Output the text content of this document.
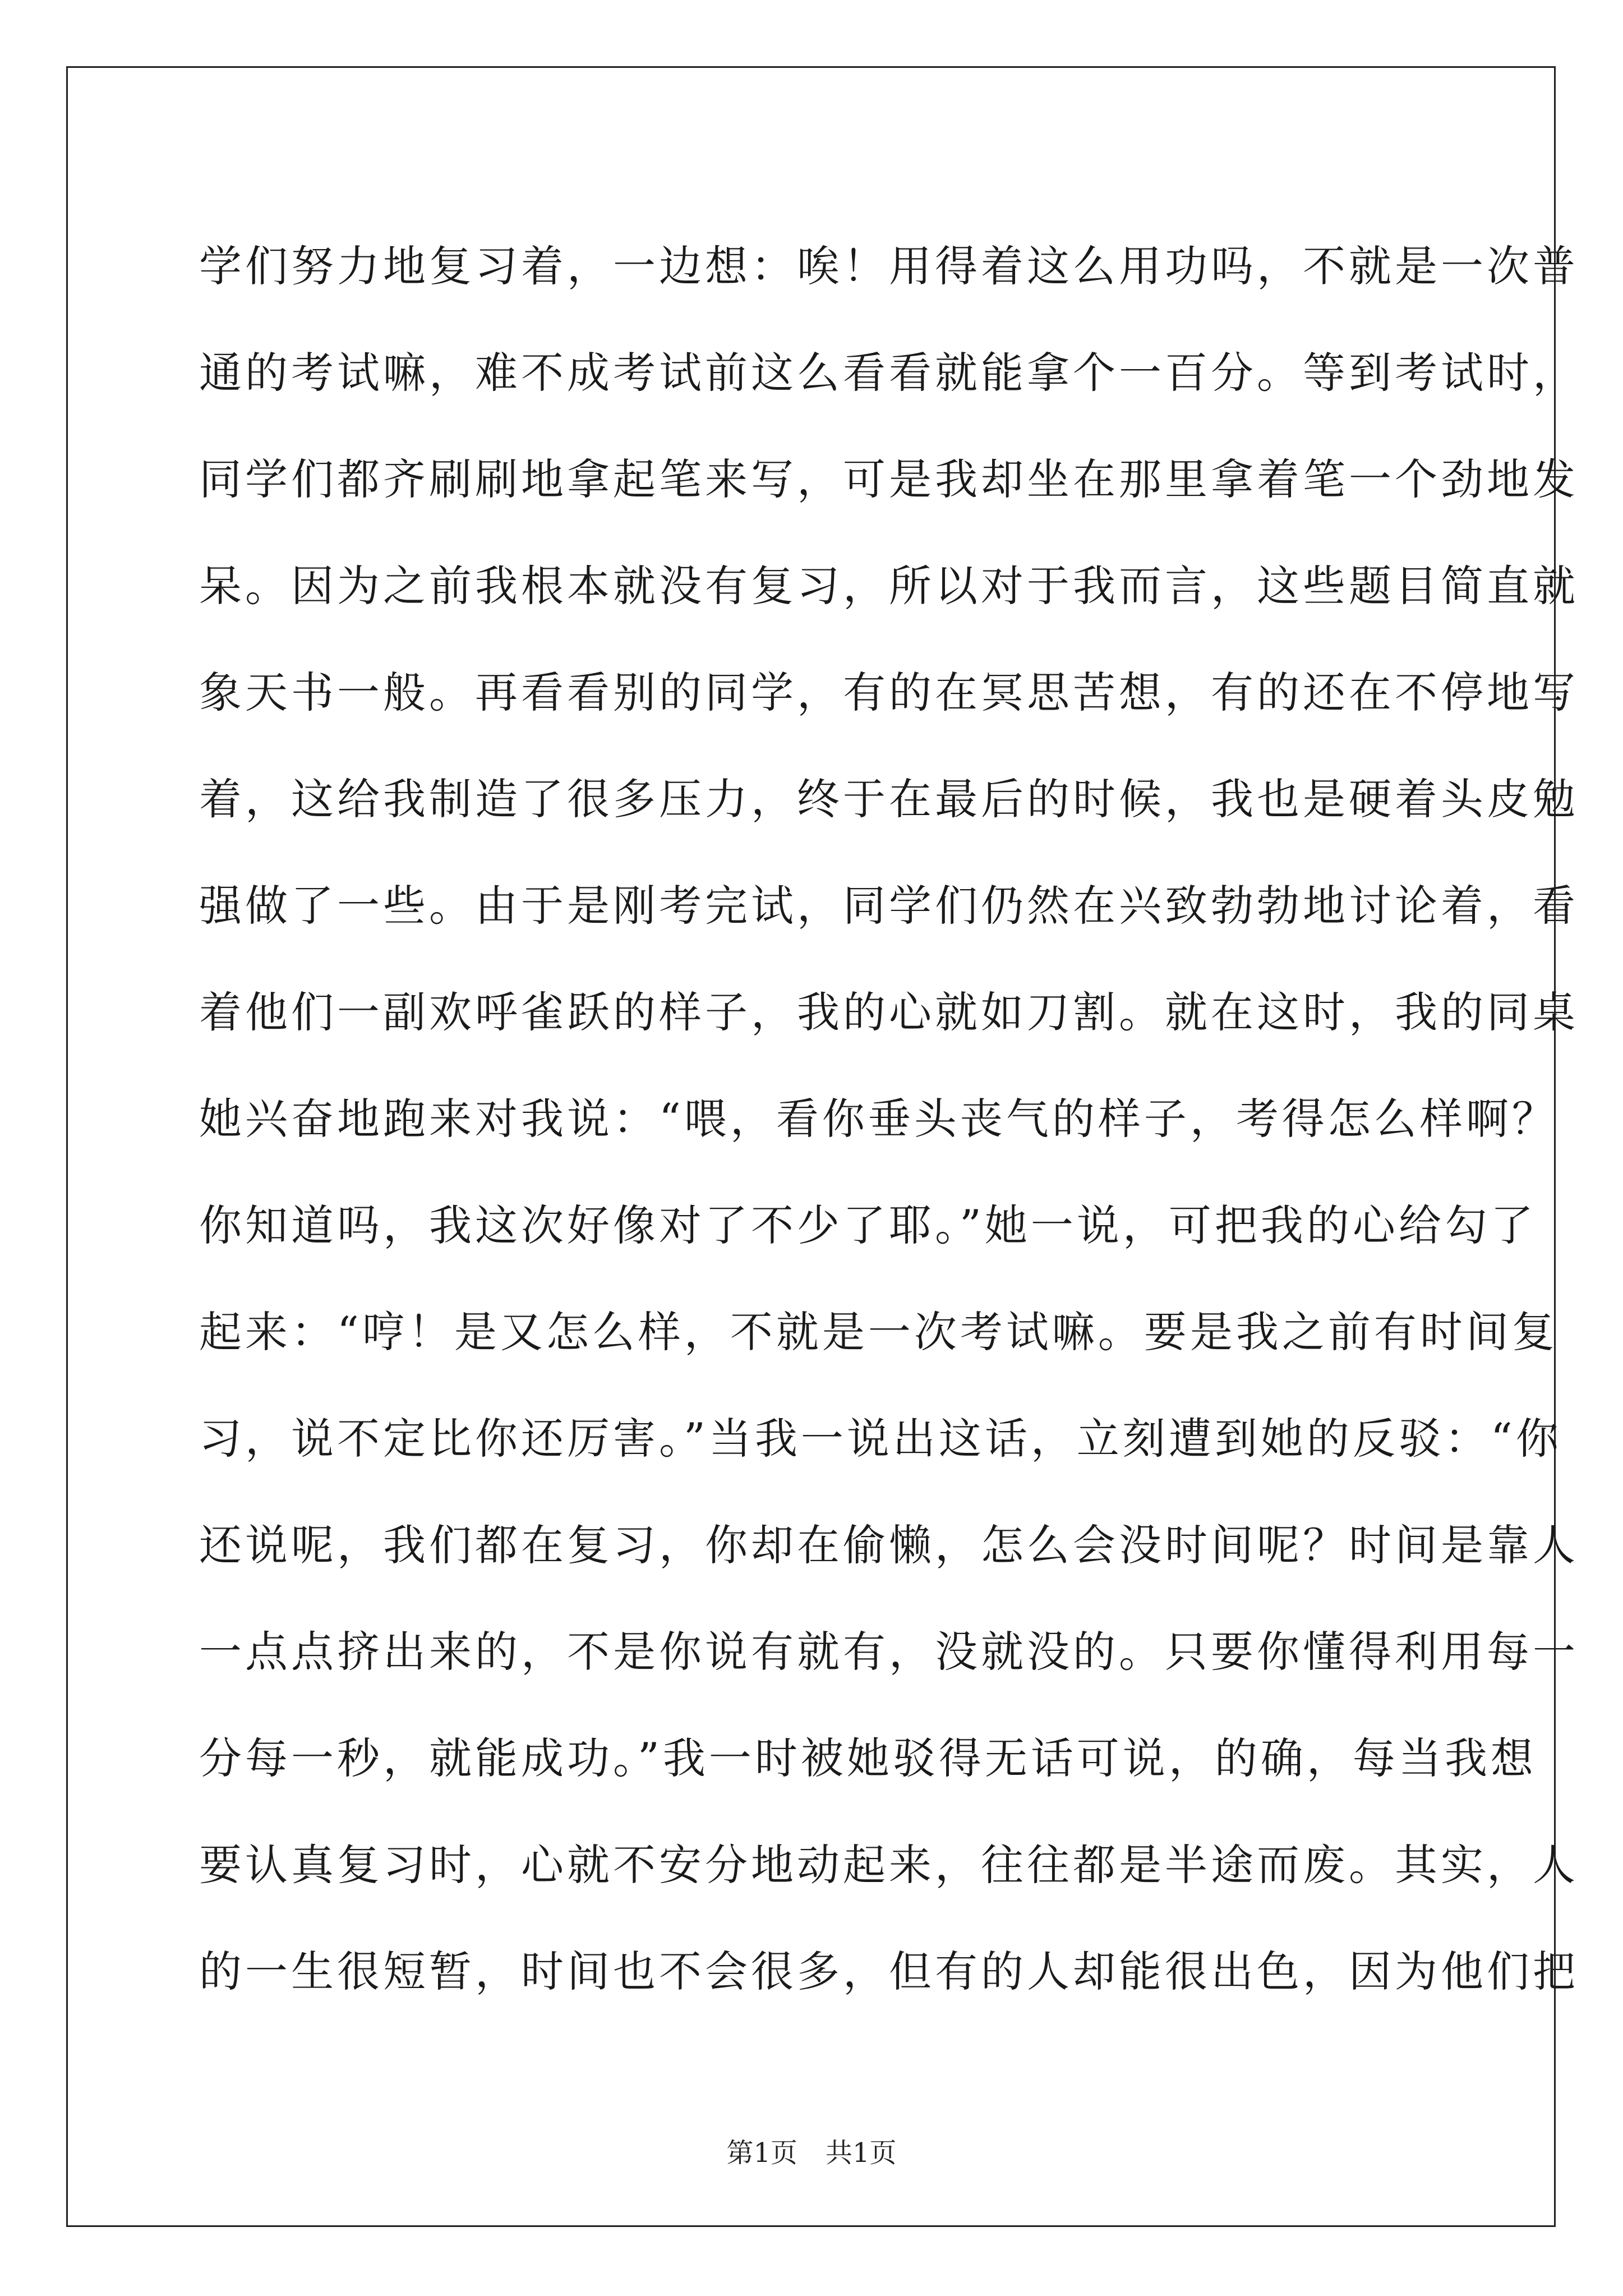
学们努力地复习着，一边想：唉！用得着这么用功吗，不就是一次普
通的考试嘛，难不成考试前这么看看就能拿个一百分。等到考试时，
同学们都齐刷刷地拿起笔来写，可是我却坐在那里拿着笔一个劲地发
呆。因为之前我根本就没有复习，所以对于我而言，这些题目简直就
象天书一般。再看看别的同学，有的在冥思苦想，有的还在不停地写
着，这给我制造了很多压力，终于在最后的时候，我也是硬着头皮勉
强做了一些。由于是刚考完试，同学们仍然在兴致勃勃地讨论着，看
着他们一副欢呼雀跃的样子，我的心就如刀割。就在这时，我的同桌
她兴奋地跑来对我说：“喂，看你垂头丧气的样子，考得怎么样啊？
你知道吗，我这次好像对了不少了耶。”她一说，可把我的心给勾了
起来：“哼！是又怎么样，不就是一次考试嘛。要是我之前有时间复
习，说不定比你还厉害。”当我一说出这话，立刻遭到她的反驳：“你
还说呢，我们都在复习，你却在偷懒，怎么会没时间呢？时间是靠人
一点点挤出来的，不是你说有就有，没就没的。只要你懂得利用每一
分每一秒，就能成功。”我一时被她驳得无话可说，的确，每当我想
要认真复习时，心就不安分地动起来，往往都是半途而废。其实，人
的一生很短暂，时间也不会很多，但有的人却能很出色，因为他们把
第1页 共1页
